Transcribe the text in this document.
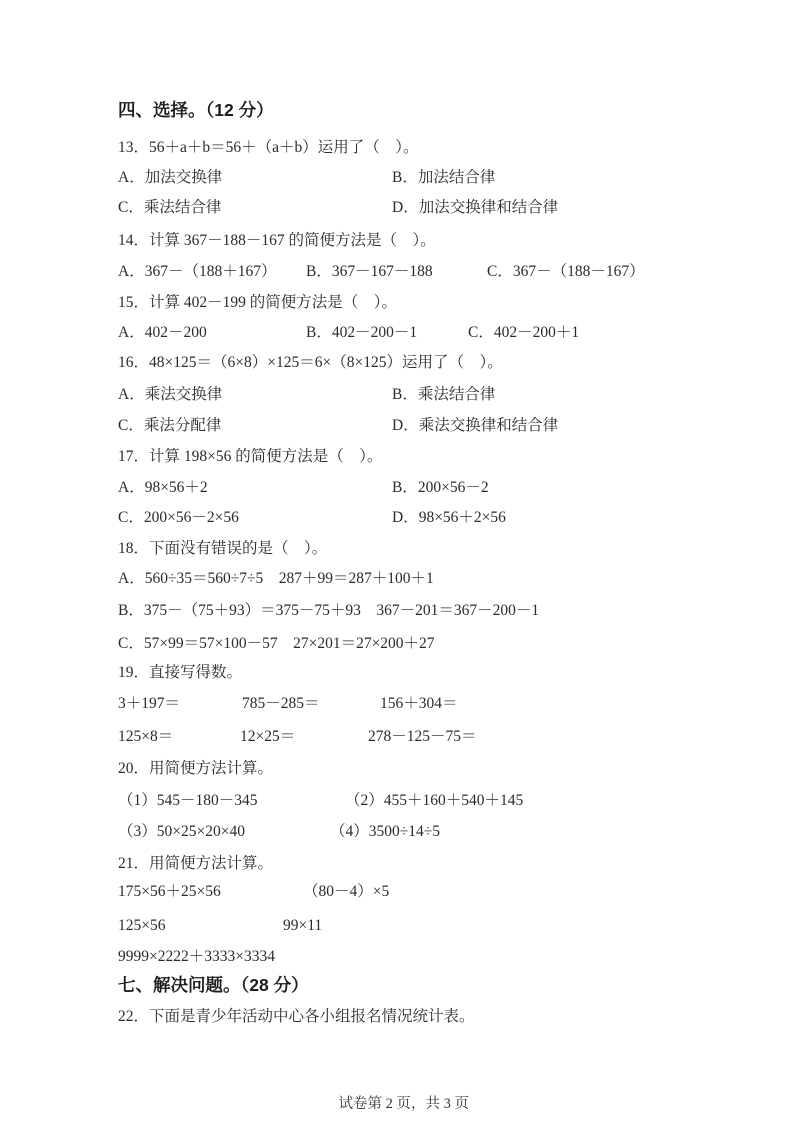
四、选择。（12 分）

13．56＋a＋b＝56＋（a＋b）运用了（　）。

A．加法交换律

	B．加法结合律

C．乘法结合律

	D．加法交换律和结合律

14．计算 367－188－167 的简便方法是（　）。

A．367－（188＋167）

B．367－167－188

	C．367－（188－167）

15．计算 402－199 的简便方法是（　）。

A．402－200

	B．402－200－1

	C．402－200＋1

16．48×125＝（6×8）×125＝6×（8×125）运用了（　）。

A．乘法交换律

	B．乘法结合律

C．乘法分配律

	D．乘法交换律和结合律

17．计算 198×56 的简便方法是（　）。

A．98×56＋2

	B．200×56－2

C．200×56－2×56

	D．98×56＋2×56

18．下面没有错误的是（　）。

A．560÷35＝560÷7÷5　287＋99＝287＋100＋1

B．375－（75＋93）＝375－75＋93　367－201＝367－200－1

C．57×99＝57×100－57　27×201＝27×200＋27

19．直接写得数。

3＋197＝

	785－285＝

	156＋304＝

125×8＝

	12×25＝

	278－125－75＝

20．用简便方法计算。

（1）545－180－345

	（2）455＋160＋540＋145

（3）50×25×20×40

	（4）3500÷14÷5

21．用简便方法计算。

175×56＋25×56

	（80－4）×5

125×56

	99×11

9999×2222＋3333×3334

七、解决问题。（28 分）

22．下面是青少年活动中心各小组报名情况统计表。

试卷第 2 页，共 3 页
